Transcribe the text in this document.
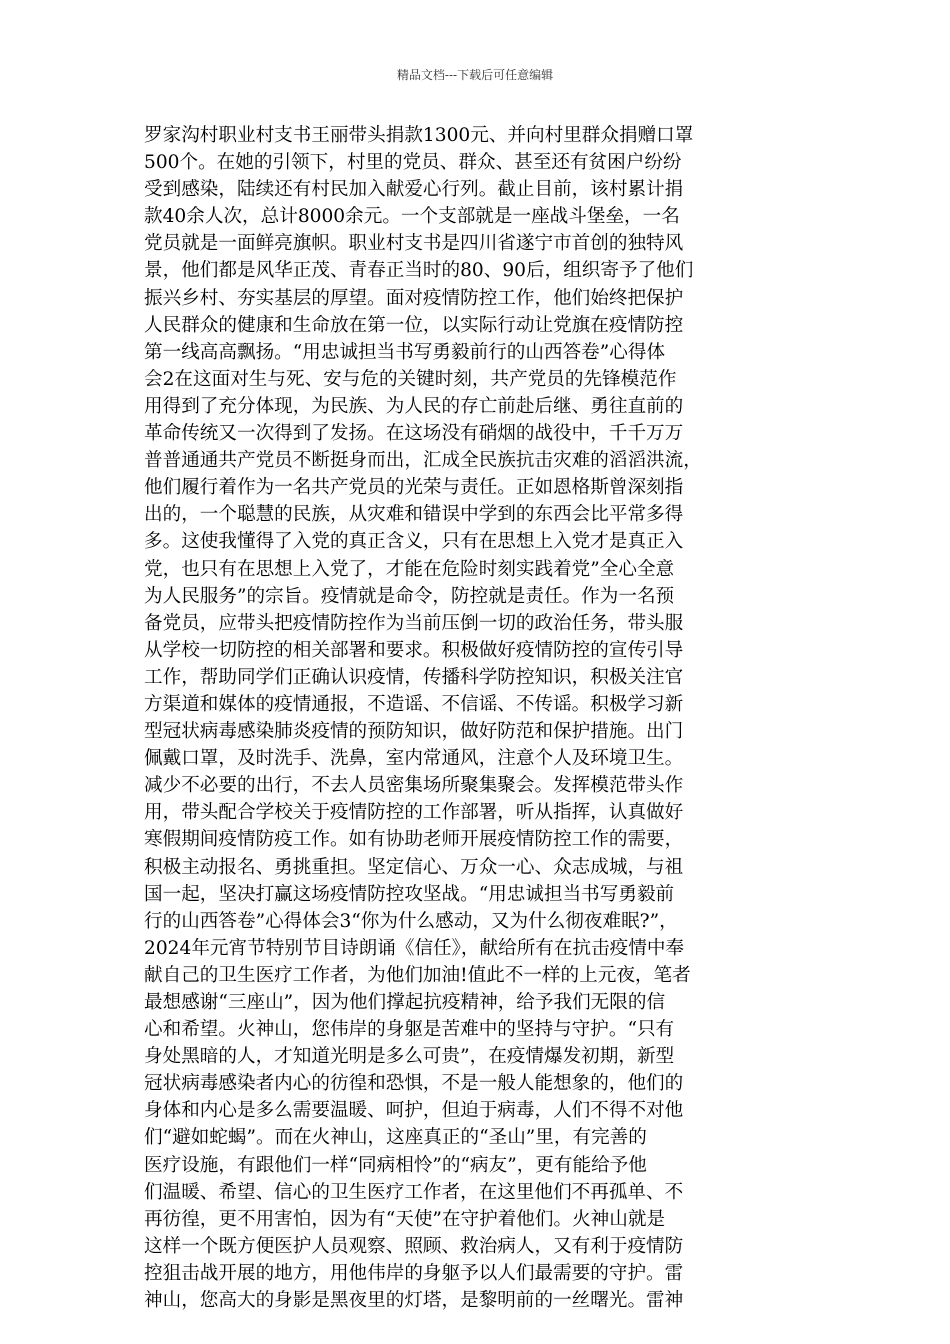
精品文档---下载后可任意编辑
罗家沟村职业村支书王丽带头捐款1300元、并向村里群众捐赠口罩
500个。在她的引领下，村里的党员、群众、甚至还有贫困户纷纷
受到感染，陆续还有村民加入献爱心行列。截止目前，该村累计捐
款40余人次，总计8000余元。一个支部就是一座战斗堡垒，一名
党员就是一面鲜亮旗帜。职业村支书是四川省遂宁市首创的独特风
景，他们都是风华正茂、青春正当时的80、90后，组织寄予了他们
振兴乡村、夯实基层的厚望。面对疫情防控工作，他们始终把保护
人民群众的健康和生命放在第一位，以实际行动让党旗在疫情防控
第一线高高飘扬。“用忠诚担当书写勇毅前行的山西答卷”心得体
会2在这面对生与死、安与危的关键时刻，共产党员的先锋模范作
用得到了充分体现，为民族、为人民的存亡前赴后继、勇往直前的
革命传统又一次得到了发扬。在这场没有硝烟的战役中，千千万万
普普通通共产党员不断挺身而出，汇成全民族抗击灾难的滔滔洪流，
他们履行着作为一名共产党员的光荣与责任。正如恩格斯曾深刻指
出的，一个聪慧的民族，从灾难和错误中学到的东西会比平常多得
多。这使我懂得了入党的真正含义，只有在思想上入党才是真正入
党，也只有在思想上入党了，才能在危险时刻实践着党”全心全意
为人民服务”的宗旨。疫情就是命令，防控就是责任。作为一名预
备党员，应带头把疫情防控作为当前压倒一切的政治任务，带头服
从学校一切防控的相关部署和要求。积极做好疫情防控的宣传引导
工作，帮助同学们正确认识疫情，传播科学防控知识，积极关注官
方渠道和媒体的疫情通报，不造谣、不信谣、不传谣。积极学习新
型冠状病毒感染肺炎疫情的预防知识，做好防范和保护措施。出门
佩戴口罩，及时洗手、洗鼻，室内常通风，注意个人及环境卫生。
减少不必要的出行，不去人员密集场所聚集聚会。发挥模范带头作
用，带头配合学校关于疫情防控的工作部署，听从指挥，认真做好
寒假期间疫情防疫工作。如有协助老师开展疫情防控工作的需要，
积极主动报名、勇挑重担。坚定信心、万众一心、众志成城，与祖
国一起，坚决打赢这场疫情防控攻坚战。“用忠诚担当书写勇毅前
行的山西答卷”心得体会3“你为什么感动，又为什么彻夜难眠?”，
2024年元宵节特别节目诗朗诵《信任》，献给所有在抗击疫情中奉
献自己的卫生医疗工作者，为他们加油!值此不一样的上元夜，笔者
最想感谢“三座山”，因为他们撑起抗疫精神，给予我们无限的信
心和希望。火神山，您伟岸的身躯是苦难中的坚持与守护。“只有
身处黑暗的人，才知道光明是多么可贵”，在疫情爆发初期，新型
冠状病毒感染者内心的彷徨和恐惧，不是一般人能想象的，他们的
身体和内心是多么需要温暖、呵护，但迫于病毒，人们不得不对他
们“避如蛇蝎”。而在火神山，这座真正的“圣山”里，有完善的
医疗设施，有跟他们一样“同病相怜”的“病友”，更有能给予他
们温暖、希望、信心的卫生医疗工作者，在这里他们不再孤单、不
再彷徨，更不用害怕，因为有“天使”在守护着他们。火神山就是
这样一个既方便医护人员观察、照顾、救治病人，又有利于疫情防
控狙击战开展的地方，用他伟岸的身躯予以人们最需要的守护。雷
神山，您高大的身影是黑夜里的灯塔，是黎明前的一丝曙光。雷神
